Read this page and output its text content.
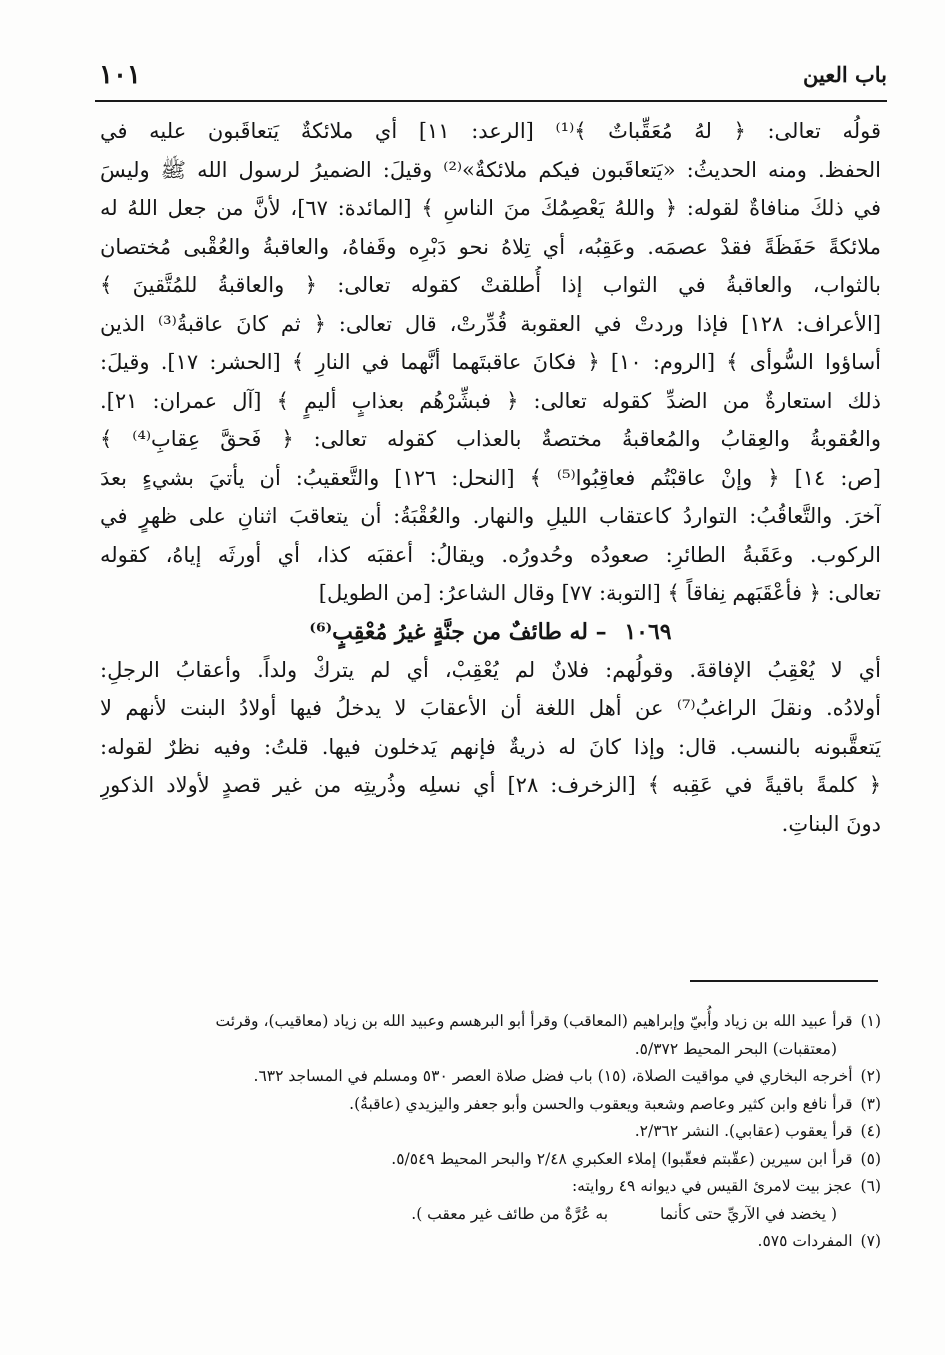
١٠١	باب العين
قولُه تعالى: ﴿ لهُ مُعَقِّباتٌ ﴾⁽¹⁾ [الرعد: ١١] أي ملائكةٌ يَتعاقَبون عليه في
الحفظ. ومنه الحديثُ: «يَتعاقَبون فيكم ملائكةٌ»⁽²⁾ وقيلَ: الضميرُ لرسول الله ﷺ وليسَ
في ذلكَ منافاةٌ لقوله: ﴿ واللهُ يَعْصِمُكَ منَ الناسِ ﴾ [المائدة: ٦٧]، لأنَّ من جعل اللهُ له
ملائكةً حَفَظَةً فقدْ عصمَه. وعَقِبُه، أي تِلاهُ نحو دَبْرِه وقَفاهُ، والعاقبةُ والعُقْبى مُختصان
بالثواب، والعاقبةُ في الثواب إذا أُطلقتْ كقوله تعالى: ﴿ والعاقبةُ للمُتَّقينَ ﴾
[الأعراف: ١٢٨] فإذا وردتْ في العقوبة قُدِّرتْ، قال تعالى: ﴿ ثم كانَ عاقبةُ⁽³⁾ الذين
أساؤوا السُّوأى ﴾ [الروم: ١٠] ﴿ فكانَ عاقبتَهما أنَّهما في النارِ ﴾ [الحشر: ١٧]. وقيلَ:
ذلك استعارةٌ من الضدِّ كقوله تعالى: ﴿ فبشِّرْهُم بعذابٍ أليمٍ ﴾ [آل عمران: ٢١].
والعُقوبةُ والعِقابُ والمُعاقبةُ مختصةٌ بالعذاب كقوله تعالى: ﴿ فَحقَّ عِقابِ⁽⁴⁾ ﴾
[ص: ١٤] ﴿ وإنْ عاقبْتُم فعاقِبُوا⁽⁵⁾ ﴾ [النحل: ١٢٦] والتَّعقيبُ: أن يأتيَ بشيءٍ بعدَ
آخرَ. والتَّعاقُبُ: التواردُ كاعتقاب الليلِ والنهار. والعُقْبَةُ: أن يتعاقبَ اثنانِ على ظهرٍ في
الركوب. وعَقَبةُ الطائرِ: صعودُه وحُدورُه. ويقالُ: أعقبَه كذا، أي أورثَه إياهُ، كقوله
تعالى: ﴿ فأعْقَبَهم نِفاقاً ﴾ [التوبة: ٧٧] وقال الشاعرُ: [من الطويل]
١٠٦٩ – له طائفٌ من جنَّةٍ غيرُ مُعْقِبٍ⁽⁶⁾
أي لا يُعْقِبُ الإفاقةَ. وقولُهم: فلانٌ لم يُعْقِبْ، أي لم يتركْ ولداً. وأعقابُ الرجلِ:
أولادُه. ونقلَ الراغبُ⁽⁷⁾ عن أهل اللغة أن الأعقابَ لا يدخلُ فيها أولادُ البنت لأنهم لا
يَتعقَّبونه بالنسب. قال: وإذا كانَ له ذريةٌ فإنهم يَدخلون فيها. قلتُ: وفيه نظرٌ لقوله:
﴿ كلمةً باقيةً في عَقِبه ﴾ [الزخرف: ٢٨] أي نسلِه وذُريتِه من غير قصدٍ لأولاد الذكورِ
دونَ البناتِ.
(١)قرأ عبيد الله بن زياد وأُبيّ وإبراهيم (المعاقب) وقرأ أبو البرهسم وعبيد الله بن زياد (معاقيب)، وقرئت
(معتقبات) البحر المحيط ٥/٣٧٢.
(٢)أخرجه البخاري في مواقيت الصلاة، (١٥) باب فضل صلاة العصر ٥٣٠ ومسلم في المساجد ٦٣٢.
(٣)قرأ نافع وابن كثير وعاصم وشعبة ويعقوب والحسن وأبو جعفر واليزيدي (عاقبةُ).
(٤)قرأ يعقوب (عقابي). النشر ٢/٣٦٢.
(٥)قرأ ابن سيرين (عقّبتم فعقّبوا) إملاء العكبري ٢/٤٨ والبحر المحيط ٥/٥٤٩.
(٦)عجز بيت لامرئ القيس في ديوانه ٤٩ روايته:
( يخضد في الآريِّ حتى كأنما
به عُرَّةٌ من طائف غير معقب ).
(٧)المفردات ٥٧٥.
